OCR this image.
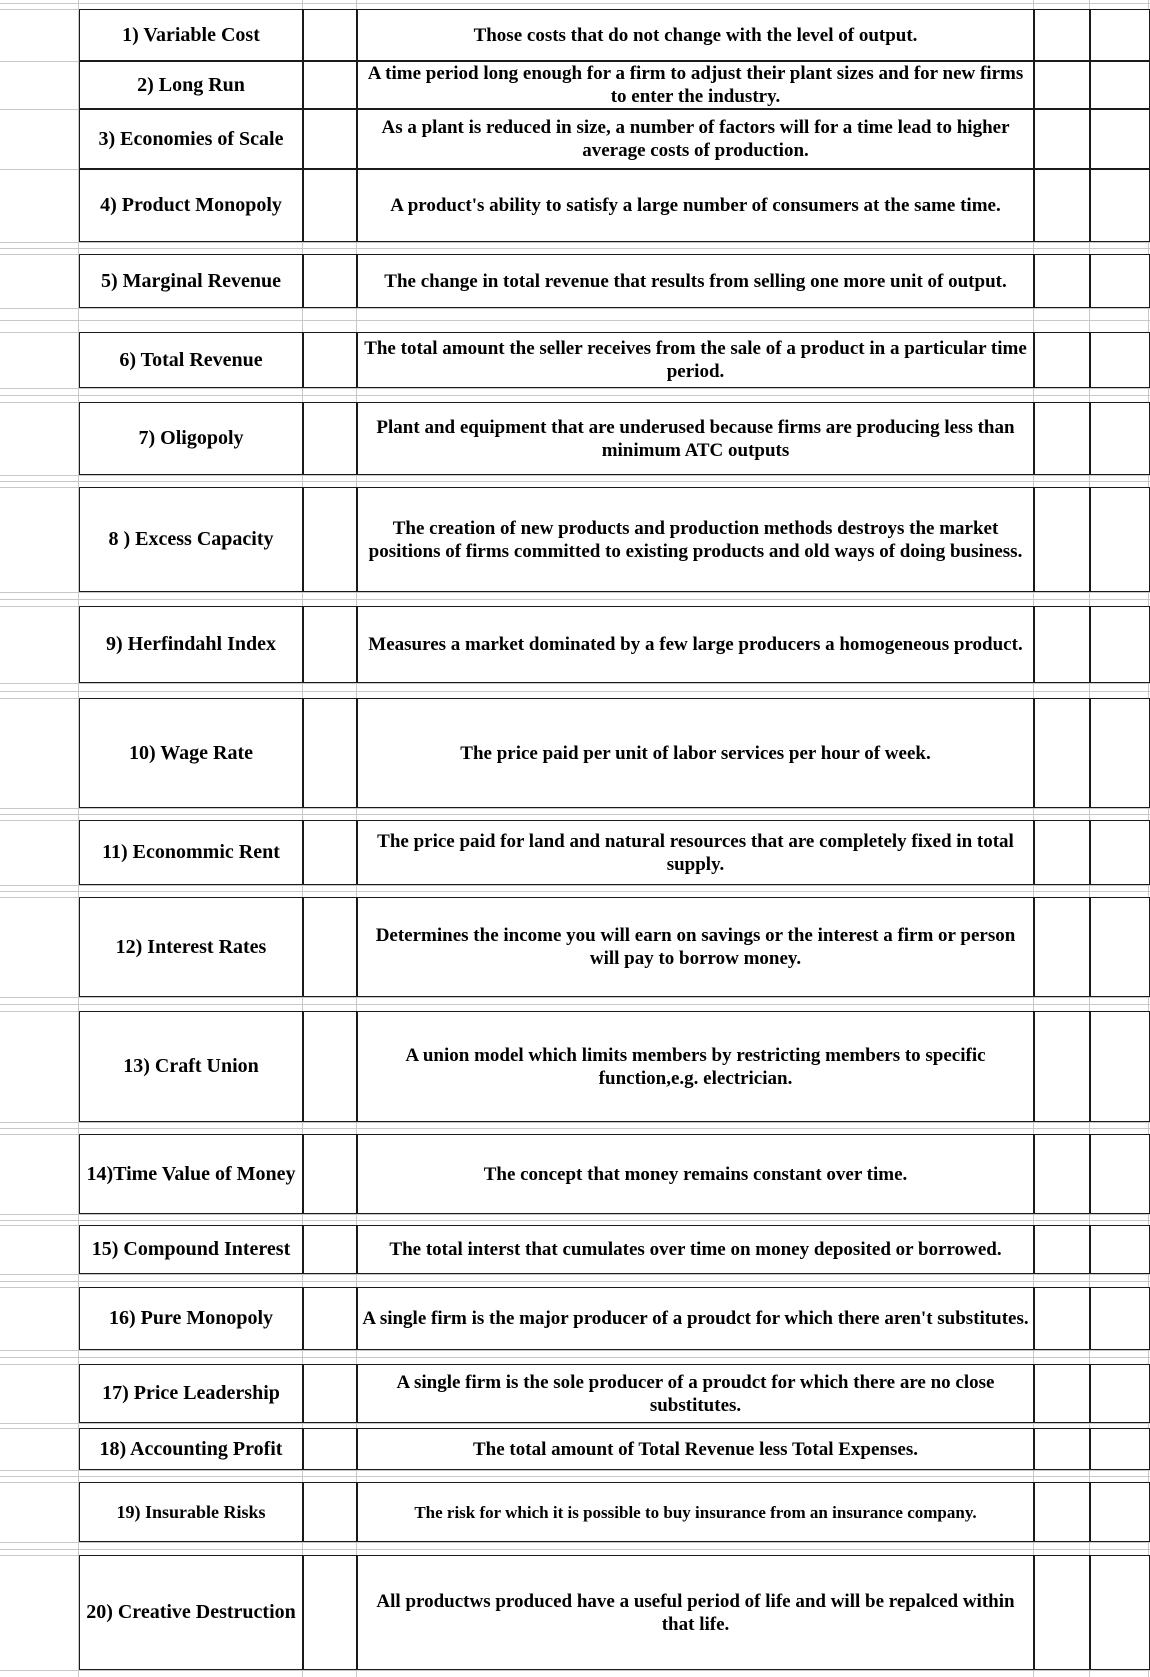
1) Variable Cost	Those costs that do not change with the level of output.
2) Long Run	A time period long enough for a firm to adjust their plant sizes and for new firms to enter the industry.
3) Economies of Scale	As a plant is reduced in size, a number of factors will for a time lead to higher average costs of production.
4) Product Monopoly	A product's ability to satisfy a large number of consumers at the same time.
5) Marginal Revenue	The change in total revenue that results from selling one more unit of output.
6) Total Revenue	The total amount the seller receives from the sale of a product in a particular time period.
7) Oligopoly	Plant and equipment that are underused because firms are producing less than minimum ATC outputs
8 ) Excess Capacity	The creation of new products and production methods destroys the market positions of firms committed to existing products and old ways of doing business.
9) Herfindahl Index	Measures a market dominated by a few large producers a homogeneous product.
10) Wage Rate	The price paid per unit of labor services per hour of week.
11) Econommic Rent	The price paid for land and natural resources that are completely fixed in total supply.
12) Interest Rates	Determines the income you will earn on savings or the interest a firm or person will pay to borrow money.
13) Craft Union	A union model which limits members by restricting members to specific function,e.g. electrician.
14)Time Value of Money	The concept that money remains constant over time.
15) Compound Interest	The total interst that cumulates over time on money deposited or borrowed.
16) Pure Monopoly	A single firm is the major producer of a proudct for which there aren't substitutes.
17) Price Leadership	A single firm is the sole producer of a proudct for which there are no close substitutes.
18) Accounting Profit	The total amount of Total Revenue less Total Expenses.
19) Insurable Risks	The risk for which it is possible to buy insurance from an insurance company.
20) Creative Destruction	All productws produced have a useful period of life and will be repalced within that life.
